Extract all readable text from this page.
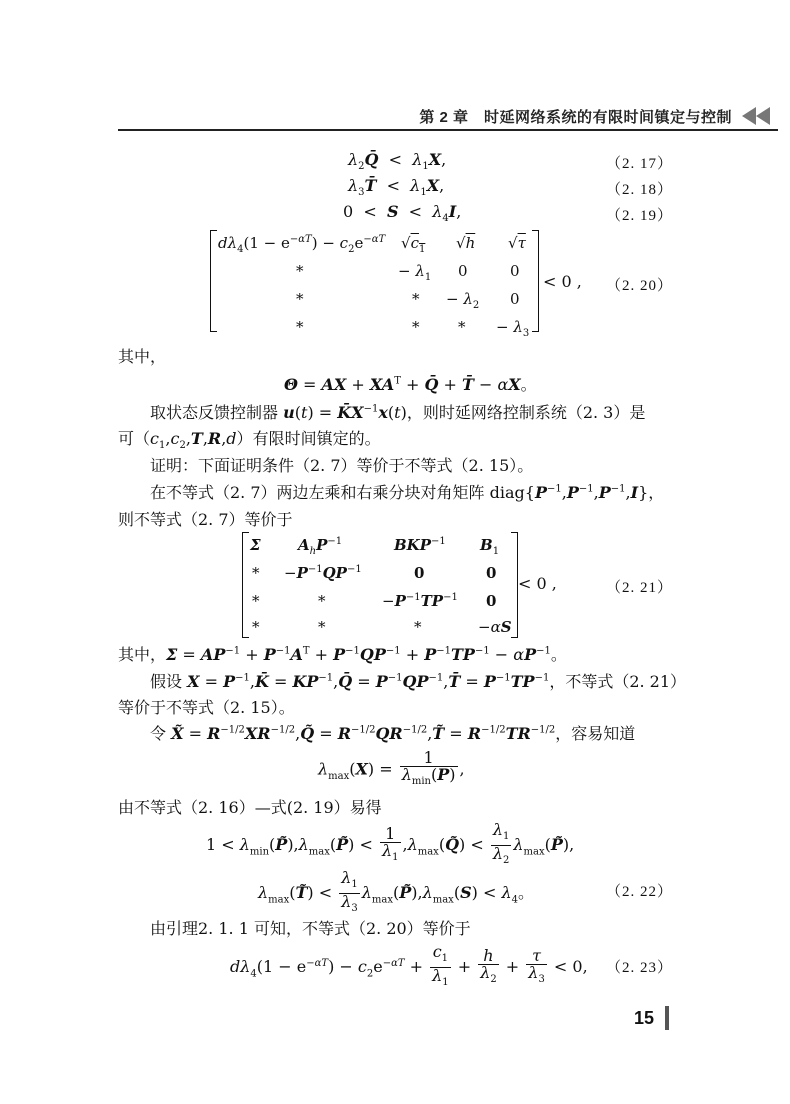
第 2 章　时延网络系统的有限时间镇定与控制
$\lambda_2Q̄ < \lambda_1X$,	（2. 17）
$\lambda_3T̄ < \lambda_1X$,	（2. 18）
$0 < S < \lambda_4I$,	（2. 19）
$d\lambda_4(1 - e^{-\alpha T}) - c_2e^{-\alpha T}$ $√c_1$ √h √τ
*	− $\lambda_1$ 0	0
*	* − $\lambda_2$ 0
*	*	* − $\lambda_3$
< 0 , （2. 20）
其中，
Θ = AX + $XA^T$ + Q̄ + T̄ − αX。
取状态反馈控制器 $u(t) = K̄X^{-1}x(t)$，则时延网络控制系统（2. 3）是
可$(c_1,c_2,T,R,d)$有限时间镇定的。
证明：下面证明条件（2. 7）等价于不等式（2. 15）。
在不等式（2. 7）两边左乘和右乘分块对角矩阵 $diag\{P^{-1},P^{-1},P^{-1},I\}$，
则不等式（2. 7）等价于
Σ $A_hP^{-1}$	$BKP^{-1}$ $B_1$
* $-P^{-1}QP^{-1}$	0	0
*	*	$-P^{-1}TP^{-1}$ 0
*	*	*	−αS
< 0 ,	（2. 21）
其中，$\Sigma = AP^{-1} + P^{-1}A^T + P^{-1}QP^{-1} + P^{-1}TP^{-1} - \alpha P^{-1}$。
假设 $X = P^{-1},K̄$ = $KP^{-1},Q̄$ = $P^{-1}QP^{-1},T̄ = P^{-1}TP^{-1}$，不等式（2. 21）
等价于不等式（2. 15）。
令 X̃ = $R^{-1/2}XR^{-1/2},Q̃$ = $R^{-1/2}QR^{-1/2},T̃ = R^{-1/2}TR^{-1/2}$，容易知道
$\lambda_{max}(X) = \frac{1}{\lambda_{min}(P)}$ ,
由不等式（2. 16）—式(2. 19）易得
$1 < \lambda_{min}(P̃),\lambda_{max}(P̃) < \frac{1}{\lambda_1}$ $,\lambda_{max}(Q̃) < \frac{\lambda_1}{\lambda_2}$ $\lambda_{max}(P̃)$,
$\lambda_{max}(T̃) < \frac{\lambda_1}{\lambda_3}$ $\lambda_{max}(P̃),\lambda_{max}(S) < \lambda_4$。	（2. 22）
由引理2. 1. 1 可知，不等式（2. 20）等价于
$d\lambda_4(1 - e^{-\alpha T}) - c_2e^{-\alpha T} + \frac{c_1}{\lambda_1} + \frac{h}{\lambda_2} + \frac{\tau}{\lambda_3} < 0$, （2. 23）
15
